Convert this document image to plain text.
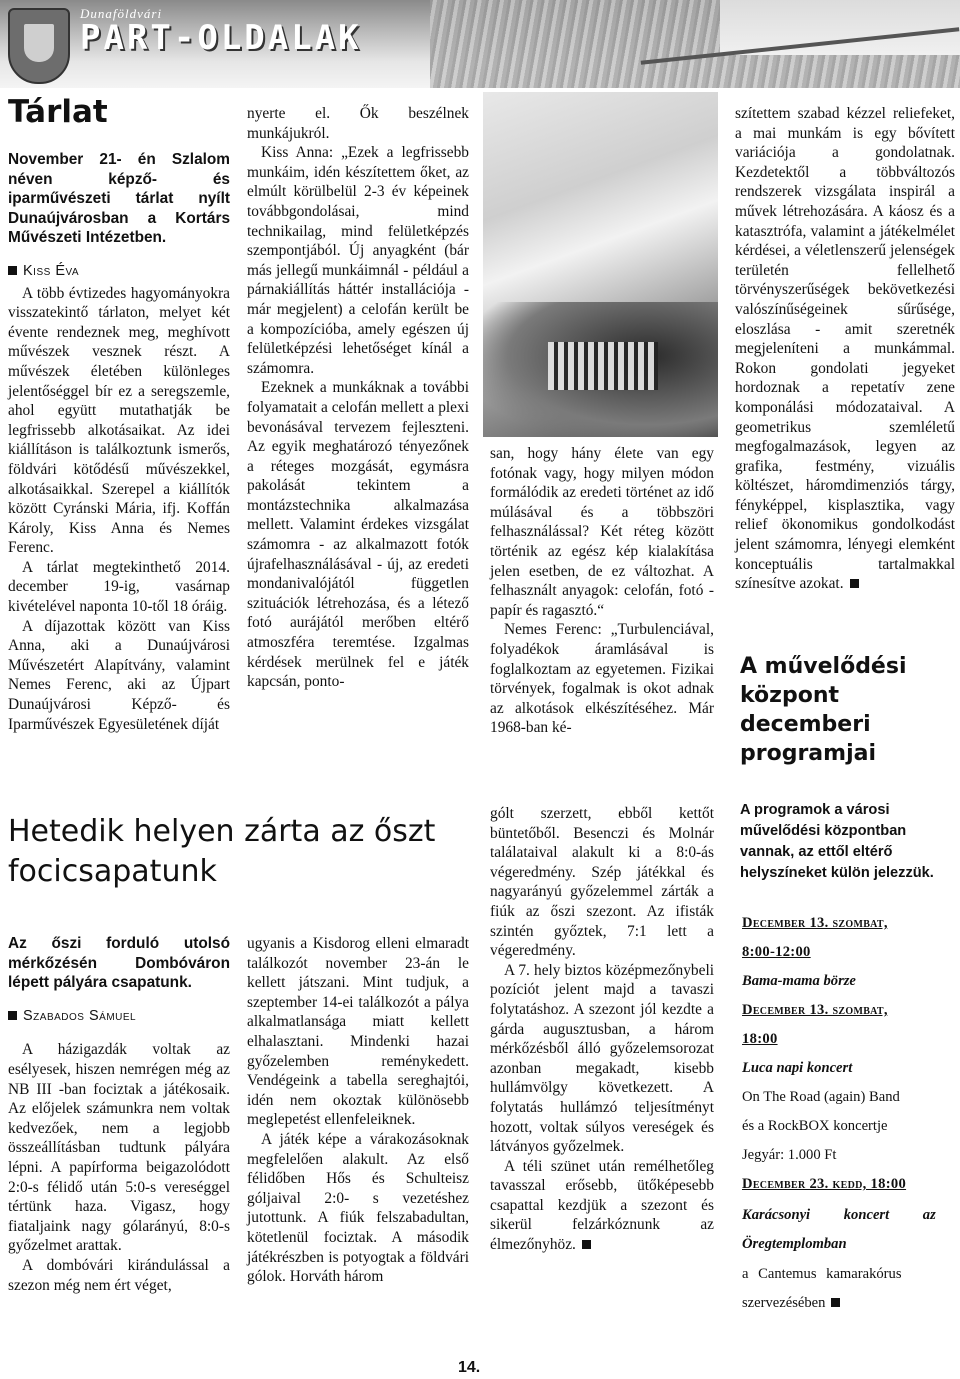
Dunaföldvári
PART-OLDALAK
Tárlat
November 21- én Szlalom néven képző- és iparművészeti tárlat nyílt Dunaújvárosban a Kortárs Művészeti Intézetben.
Kiss Éva

A több évtizedes hagyományokra visszatekintő tárlaton, melyet két évente rendeznek meg, meghívott művészek vesznek részt. A művészek életében különleges jelentőséggel bír ez a seregszemle, ahol együtt mutathatják be legfrissebb alkotásaikat. Az idei kiállításon is találkoztunk ismerős, földvári kötődésű művészekkel, alkotásaikkal. Szerepel a kiállítók között Cyránski Mária, ifj. Koffán Károly, Kiss Anna és Nemes Ferenc.

A tárlat megtekinthető 2014. december 19-ig, vasárnap kivételével naponta 10-től 18 óráig.

A díjazottak között van Kiss Anna, aki a Dunaújvárosi Művészetért Alapítvány, valamint Nemes Ferenc, aki az Újpart Dunaújvárosi Képző- és Iparművészek Egyesületének díját

nyerte el. Ők beszélnek munkájukról.

Kiss Anna: „Ezek a legfrissebb munkáim, idén készítettem őket, az elmúlt körülbelül 2-3 év képeinek továbbgondolásai, mind technikailag, mind felületképzés szempontjából. Új anyagként (bár más jellegű munkáimnál - például a párnakiállítás háttér installációja - már megjelent) a celofán került be a kompozícióba, amely egészen új felületképzési lehetőséget kínál a számomra.

Ezeknek a munkáknak a további folyamatait a celofán mellett a plexi bevonásával tervezem fejleszteni. Az egyik meghatározó tényezőnek a réteges mozgását, egymásra pakolását tekintem a montázstechnika alkalmazása mellett. Valamint érdekes vizsgálat számomra - az alkalmazott fotók újrafelhasználásával - új, az eredeti mondanivalójától független szituációk létrehozása, és a létező fotó aurájától merőben eltérő atmoszféra teremtése. Izgalmas kérdések merülnek fel e játék kapcsán, ponto-

san, hogy hány élete van egy fotónak vagy, hogy milyen módon formálódik az eredeti történet az idő múlásával és a többszöri felhasználással? Két réteg között történik az egész kép kialakítása jelen esetben, de ez változhat. A felhasznált anyagok: celofán, fotó - papír és ragasztó.“

Nemes Ferenc: „Turbulenciával, folyadékok áramlásával is foglalkoztam az egyetemen. Fizikai törvények, fogalmak is okot adnak az alkotások elkészítéséhez. Már 1968-ban ké-

szítettem szabad kézzel reliefeket, a mai munkám is egy bővített variációja a gondolatnak. Kezdetektől a többváltozós rendszerek vizsgálata inspirál a művek létrehozására. A káosz és a katasztrófa, valamint a játékelmélet kérdései, a véletlenszerű jelenségek területén fellelhető törvényszerűségek bekövetkezési valószínűségeinek sűrűsége, eloszlása - amit szeretnék megjeleníteni a munkámmal. Rokon gondolati jegyeket hordoznak a repetatív zene komponálási módozataival. A geometrikus szemléletű megfogalmazások, legyen az grafika, festmény, vizuális költészet, háromdimenziós tárgy, fényképpel, kisplasztika, vagy relief ökonomikus gondolkodást jelent számomra, lényegi elemként konceptuális tartalmakkal színesítve azokat.

Hetedik helyen zárta az őszt focicsapatunk
Az őszi forduló utolsó mérkőzésén Dombóváron lépett pályára csapatunk.
Szabados Sámuel

A házigazdák voltak az esélyesek, hiszen nemrégen még az NB III -ban fociztak a játékosaik. Az előjelek számunkra nem voltak kedvezőek, nem a legjobb összeállításban tudtunk pályára lépni. A papírforma beigazolódott 2:0-s félidő után 5:0-s vereséggel tértünk haza. Vigasz, hogy fiataljaink nagy gólarányú, 8:0-s győzelmet arattak.

A dombóvári kirándulással a szezon még nem ért véget,

ugyanis a Kisdorog elleni elmaradt találkozót november 23-án le kellett játszani. Mint tudjuk, a szeptember 14-ei találkozót a pálya alkalmatlansága miatt kellett elhalasztani. Mindenki hazai győzelemben reménykedett. Vendégeink a tabella sereghajtói, idén nem okoztak különösebb meglepetést ellenfeleiknek.

A játék képe a várakozásoknak megfelelően alakult. Az első félidőben Hős és Schulteisz góljaival 2:0- s vezetéshez jutottunk. A fiúk felszabadultan, kötetlenül fociztak. A második játékrészben is potyogtak a földvári gólok. Horváth három

gólt szerzett, ebből kettőt büntetőből. Besenczi és Molnár találataival alakult ki a 8:0-ás végeredmény. Szép játékkal és nagyarányú győzelemmel zárták a fiúk az őszi szezont. Az ifisták szintén győztek, 7:1 lett a végeredmény.

A 7. hely biztos középmezőnybeli pozíciót jelent majd a tavaszi folytatáshoz. A szezont jól kezdte a gárda augusztusban, a három mérkőzésből álló győzelemsorozat azonban megakadt, kisebb hullámvölgy következett. A folytatás hullámzó teljesítményt hozott, voltak súlyos vereségek és látványos győzelmek.

A téli szünet után remélhetőleg tavasszal erősebb, ütőképesebb csapattal kezdjük a szezont és sikerül felzárkóznunk az élmezőnyhöz.

A művelődési központ decemberi programjai
A programok a városi művelődési központban vannak, az ettől eltérő helyszíneket külön jelezzük.
December 13. szombat,
8:00-12:00
Bama-mama börze
December 13. szombat,
18:00
Luca napi koncert
On The Road (again) Band
és a RockBOX koncertje
Jegyár: 1.000 Ft
December 23. kedd, 18:00
Karácsonyi koncert az
Öregtemplomban
a Cantemus kamarakórus
szervezésében
14.
